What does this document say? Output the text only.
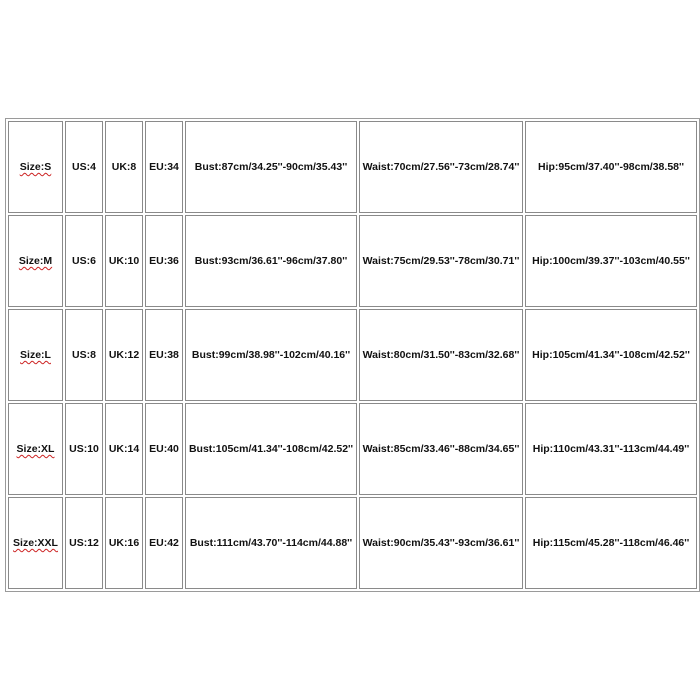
Size:S	US:4	UK:8	EU:34	Bust:87cm/34.25''-90cm/35.43''	Waist:70cm/27.56''-73cm/28.74''	Hip:95cm/37.40''-98cm/38.58''
Size:M	US:6	UK:10	EU:36	Bust:93cm/36.61''-96cm/37.80''	Waist:75cm/29.53''-78cm/30.71''	Hip:100cm/39.37''-103cm/40.55''
Size:L	US:8	UK:12	EU:38	Bust:99cm/38.98''-102cm/40.16''	Waist:80cm/31.50''-83cm/32.68''	Hip:105cm/41.34''-108cm/42.52''
Size:XL	US:10	UK:14	EU:40	Bust:105cm/41.34''-108cm/42.52''	Waist:85cm/33.46''-88cm/34.65''	Hip:110cm/43.31''-113cm/44.49''
Size:XXL	US:12	UK:16	EU:42	Bust:111cm/43.70''-114cm/44.88''	Waist:90cm/35.43''-93cm/36.61''	Hip:115cm/45.28''-118cm/46.46''
